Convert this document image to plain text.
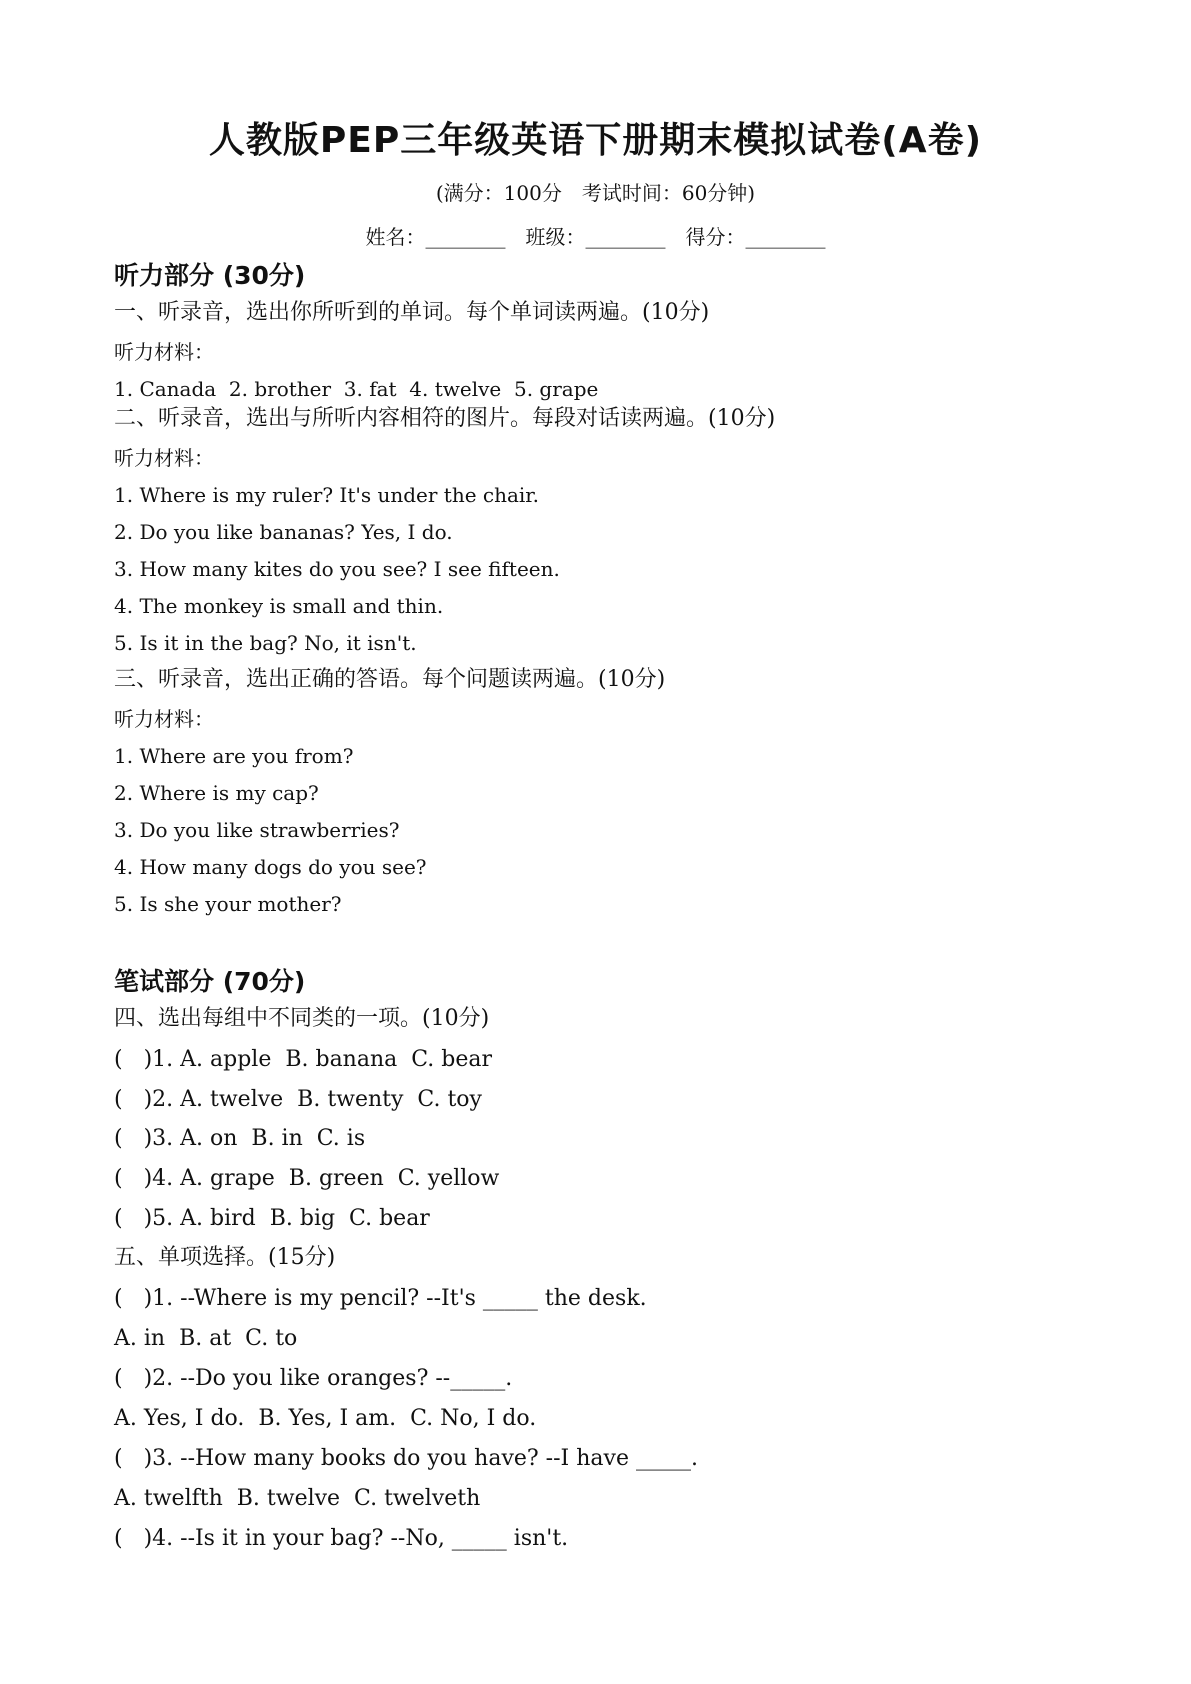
人教版PEP三年级英语下册期末模拟试卷(A卷)
(满分：100分　考试时间：60分钟)
姓名：________　班级：________　得分：________
听力部分 (30分)
一、听录音，选出你所听到的单词。每个单词读两遍。(10分)
听力材料：
1. Canada  2. brother  3. fat  4. twelve  5. grape
二、听录音，选出与所听内容相符的图片。每段对话读两遍。(10分)
听力材料：
1. Where is my ruler? It's under the chair.
2. Do you like bananas? Yes, I do.
3. How many kites do you see? I see fifteen.
4. The monkey is small and thin.
5. Is it in the bag? No, it isn't.
三、听录音，选出正确的答语。每个问题读两遍。(10分)
听力材料：
1. Where are you from?
2. Where is my cap?
3. Do you like strawberries?
4. How many dogs do you see?
5. Is she your mother?
笔试部分 (70分)
四、选出每组中不同类的一项。(10分)
(   )1. A. apple  B. banana  C. bear
(   )2. A. twelve  B. twenty  C. toy
(   )3. A. on  B. in  C. is
(   )4. A. grape  B. green  C. yellow
(   )5. A. bird  B. big  C. bear
五、单项选择。(15分)
(   )1. --Where is my pencil? --It's _____ the desk.
A. in  B. at  C. to
(   )2. --Do you like oranges? --_____.
A. Yes, I do.  B. Yes, I am.  C. No, I do.
(   )3. --How many books do you have? --I have _____.
A. twelfth  B. twelve  C. twelveth
(   )4. --Is it in your bag? --No, _____ isn't.
